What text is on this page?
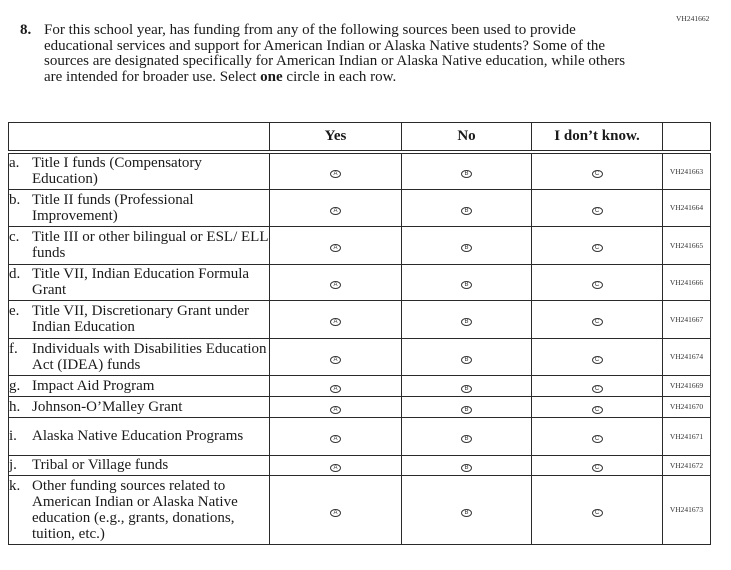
VH241662
8. For this school year, has funding from any of the following sources been used to provide educational services and support for American Indian or Alaska Native students? Some of the sources are designated specifically for American Indian or Alaska Native education, while others are intended for broader use. Select one circle in each row.
	Yes	No	I don’t know.	

a. Title I funds (Compensatory Education)	A	B	C	VH241663

b. Title II funds (Professional Improvement)	A	B	C	VH241664

c. Title III or other bilingual or ESL/ ELL funds	A	B	C	VH241665

d. Title VII, Indian Education Formula Grant	A	B	C	VH241666

e. Title VII, Discretionary Grant under Indian Education	A	B	C	VH241667

f. Individuals with Disabilities Education Act (IDEA) funds	A	B	C	VH241674

g. Impact Aid Program	A	B	C	VH241669

h. Johnson-O’Malley Grant	A	B	C	VH241670

i. Alaska Native Education Programs	A	B	C	VH241671

j. Tribal or Village funds	A	B	C	VH241672

k. Other funding sources related to American Indian or Alaska Native education (e.g., grants, donations, tuition, etc.)	A	B	C	VH241673
